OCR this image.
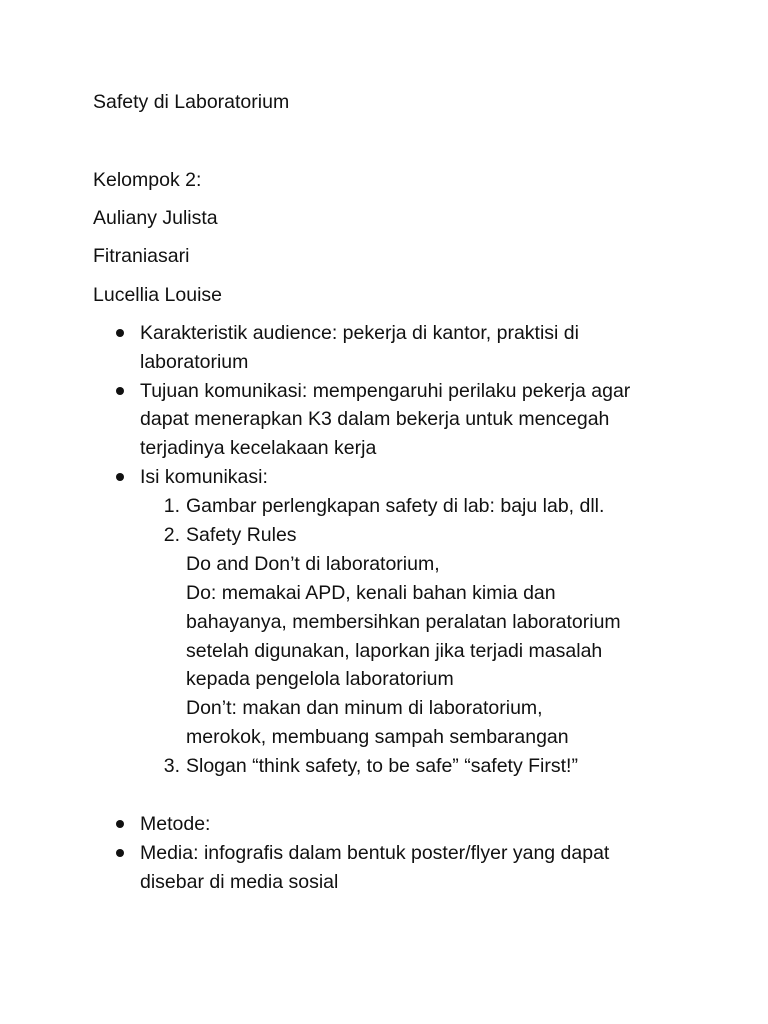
Safety di Laboratorium
Kelompok 2:
Auliany Julista
Fitraniasari
Lucellia Louise
Karakteristik audience: pekerja di kantor, praktisi di
laboratorium
Tujuan komunikasi: mempengaruhi perilaku pekerja agar
dapat menerapkan K3 dalam bekerja untuk mencegah
terjadinya kecelakaan kerja
Isi komunikasi:
1. Gambar perlengkapan safety di lab: baju lab, dll.
2. Safety Rules
Do and Don’t di laboratorium,
Do: memakai APD, kenali bahan kimia dan
bahayanya, membersihkan peralatan laboratorium
setelah digunakan, laporkan jika terjadi masalah
kepada pengelola laboratorium
Don’t: makan dan minum di laboratorium,
merokok, membuang sampah sembarangan
3. Slogan “think safety, to be safe” “safety First!”
Metode:
Media: infografis dalam bentuk poster/flyer yang dapat
disebar di media sosial
